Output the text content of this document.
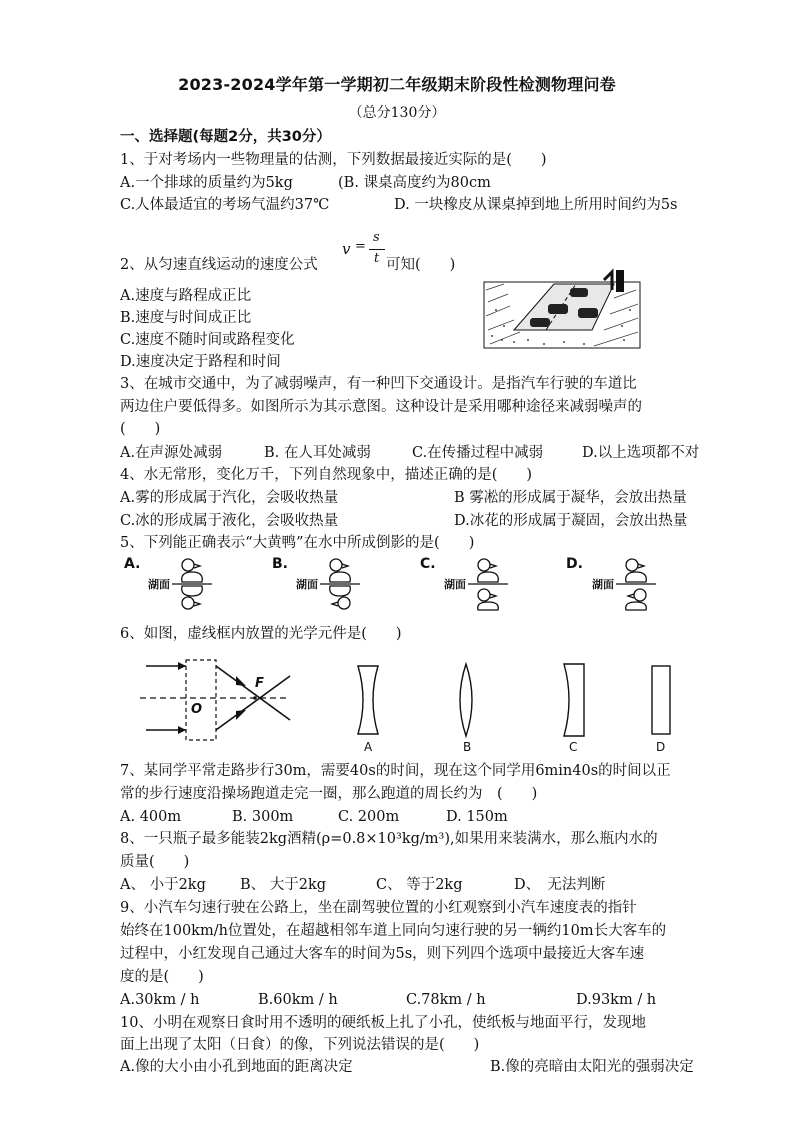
2023-2024学年第一学期初二年级期末阶段性检测物理问卷
（总分130分）
一、选择题(每题2分，共30分）
1、于对考场内一些物理量的估测，下列数据最接近实际的是(　　)
A.一个排球的质量约为5kg	(B. 课桌高度约为80cm
C.人体最适宜的考场气温约37℃	D. 一块橡皮从课桌掉到地上所用时间约为5s
2、从匀速直线运动的速度公式
v =
s
t 可知(　　)
A.速度与路程成正比
B.速度与时间成正比
C.速度不随时间或路程变化
D.速度决定于路程和时间
3、在城市交通中，为了减弱噪声，有一种凹下交通设计。是指汽车行驶的车道比
两边住户要低得多。如图所示为其示意图。这种设计是采用哪种途径来减弱噪声的
(　　)
A.在声源处减弱	B. 在人耳处减弱	C.在传播过程中减弱	D.以上选项都不对
4、水无常形，变化万千，下列自然现象中，描述正确的是(　　)
A.雾的形成属于汽化，会吸收热量	B 雾凇的形成属于凝华，会放出热量
C.冰的形成属于液化，会吸收热量	D.冰花的形成属于凝固，会放出热量
5、下列能正确表示“大黄鸭”在水中所成倒影的是(　　)
A.	B.	C.	D.
湖面	湖面	湖面	湖面
6、如图，虚线框内放置的光学元件是(　　)
F
O
A	B	C	D
7、某同学平常走路步行30m，需要40s的时间，现在这个同学用6min40s的时间以正
常的步行速度沿操场跑道走完一圈，那么跑道的周长约为　(　　)
A. 400m	B. 300m	C. 200m	D. 150m
8、一只瓶子最多能装2kg酒精(ρ=0.8×10³kg/m³),如果用来装满水，那么瓶内水的
质量(　　)
A、 小于2kg B、 大于2kg	C、 等于2kg	D、　无法判断
9、小汽车匀速行驶在公路上，坐在副驾驶位置的小红观察到小汽车速度表的指针
始终在100km/h位置处，在超越相邻车道上同向匀速行驶的另一辆约10m长大客车的
过程中，小红发现自己通过大客车的时间为5s，则下列四个选项中最接近大客车速
度的是(　　)
A.30km / h	B.60km / h	C.78km / h	D.93km / h
10、小明在观察日食时用不透明的硬纸板上扎了小孔，使纸板与地面平行，发现地
面上出现了太阳（日食）的像，下列说法错误的是(　　)
A.像的大小由小孔到地面的距离决定	B.像的亮暗由太阳光的强弱决定
